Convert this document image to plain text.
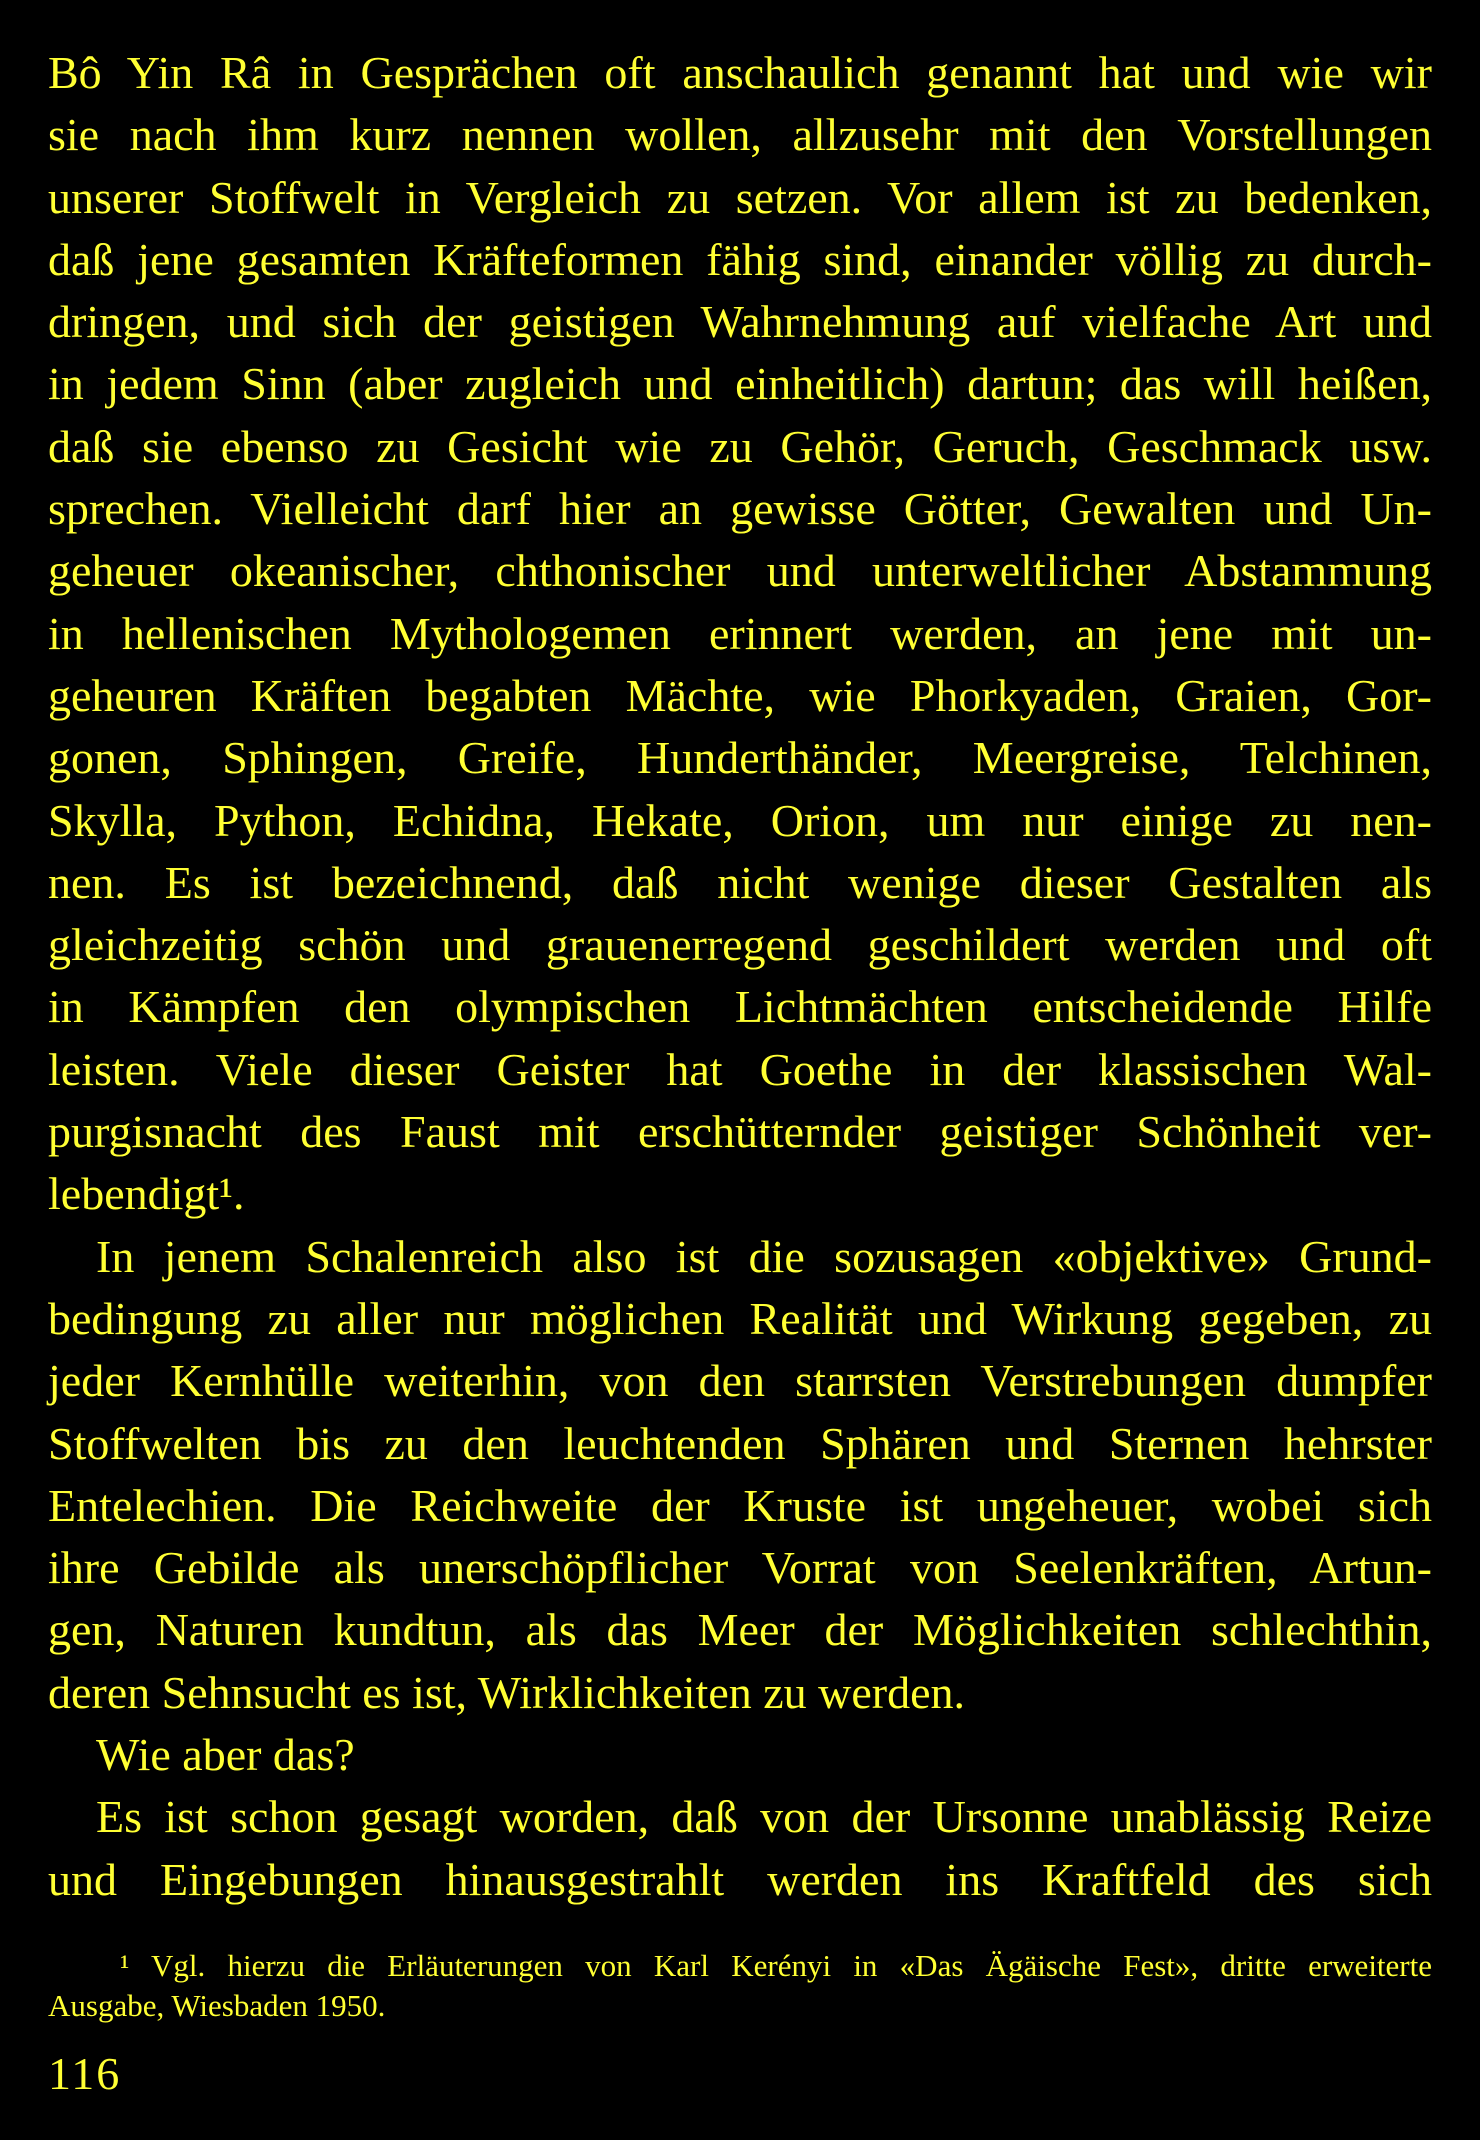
Bô Yin Râ in Gesprächen oft anschaulich genannt hat und wie wir
sie nach ihm kurz nennen wollen, allzusehr mit den Vorstellungen
unserer Stoffwelt in Vergleich zu setzen. Vor allem ist zu bedenken,
daß jene gesamten Kräfteformen fähig sind, einander völlig zu durch-
dringen, und sich der geistigen Wahrnehmung auf vielfache Art und
in jedem Sinn (aber zugleich und einheitlich) dartun; das will heißen,
daß sie ebenso zu Gesicht wie zu Gehör, Geruch, Geschmack usw.
sprechen. Vielleicht darf hier an gewisse Götter, Gewalten und Un-
geheuer okeanischer, chthonischer und unterweltlicher Abstammung
in hellenischen Mythologemen erinnert werden, an jene mit un-
geheuren Kräften begabten Mächte, wie Phorkyaden, Graien, Gor-
gonen, Sphingen, Greife, Hunderthänder, Meergreise, Telchinen,
Skylla, Python, Echidna, Hekate, Orion, um nur einige zu nen-
nen. Es ist bezeichnend, daß nicht wenige dieser Gestalten als
gleichzeitig schön und grauenerregend geschildert werden und oft
in Kämpfen den olympischen Lichtmächten entscheidende Hilfe
leisten. Viele dieser Geister hat Goethe in der klassischen Wal-
purgisnacht des Faust mit erschütternder geistiger Schönheit ver-
lebendigt¹.
In jenem Schalenreich also ist die sozusagen «objektive» Grund-
bedingung zu aller nur möglichen Realität und Wirkung gegeben, zu
jeder Kernhülle weiterhin, von den starrsten Verstrebungen dumpfer
Stoffwelten bis zu den leuchtenden Sphären und Sternen hehrster
Entelechien. Die Reichweite der Kruste ist ungeheuer, wobei sich
ihre Gebilde als unerschöpflicher Vorrat von Seelenkräften, Artun-
gen, Naturen kundtun, als das Meer der Möglichkeiten schlechthin,
deren Sehnsucht es ist, Wirklichkeiten zu werden.
Wie aber das?
Es ist schon gesagt worden, daß von der Ursonne unablässig Reize
und Eingebungen hinausgestrahlt werden ins Kraftfeld des sich
¹ Vgl. hierzu die Erläuterungen von Karl Kerényi in «Das Ägäische Fest», dritte erweiterte
Ausgabe, Wiesbaden 1950.
116
